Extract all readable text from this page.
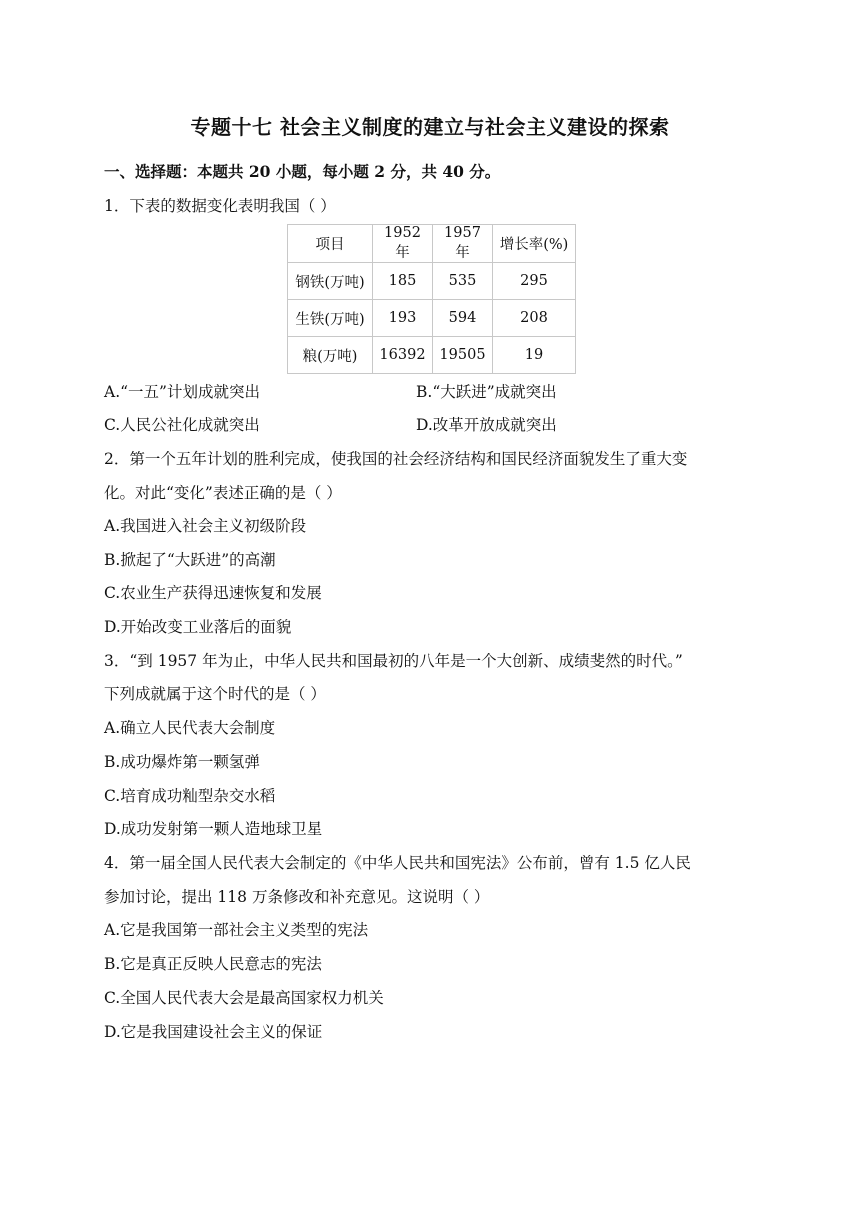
专题十七 社会主义制度的建立与社会主义建设的探索
一、选择题：本题共 20 小题，每小题 2 分，共 40 分。
1．下表的数据变化表明我国（ ）
项目	1952 年	1957 年	增长率(%)
钢铁(万吨)	185	535	295
生铁(万吨)	193	594	208
粮(万吨)	16392	19505	19
A.“一五”计划成就突出	B.“大跃进”成就突出
C.人民公社化成就突出	D.改革开放成就突出
2．第一个五年计划的胜利完成，使我国的社会经济结构和国民经济面貌发生了重大变
化。对此“变化”表述正确的是（ ）
A.我国进入社会主义初级阶段
B.掀起了“大跃进”的高潮
C.农业生产获得迅速恢复和发展
D.开始改变工业落后的面貌
3．“到 1957 年为止，中华人民共和国最初的八年是一个大创新、成绩斐然的时代。”
下列成就属于这个时代的是（ ）
A.确立人民代表大会制度
B.成功爆炸第一颗氢弹
C.培育成功籼型杂交水稻
D.成功发射第一颗人造地球卫星
4．第一届全国人民代表大会制定的《中华人民共和国宪法》公布前，曾有 1.5 亿人民
参加讨论，提出 118 万条修改和补充意见。这说明（ ）
A.它是我国第一部社会主义类型的宪法
B.它是真正反映人民意志的宪法
C.全国人民代表大会是最高国家权力机关
D.它是我国建设社会主义的保证
